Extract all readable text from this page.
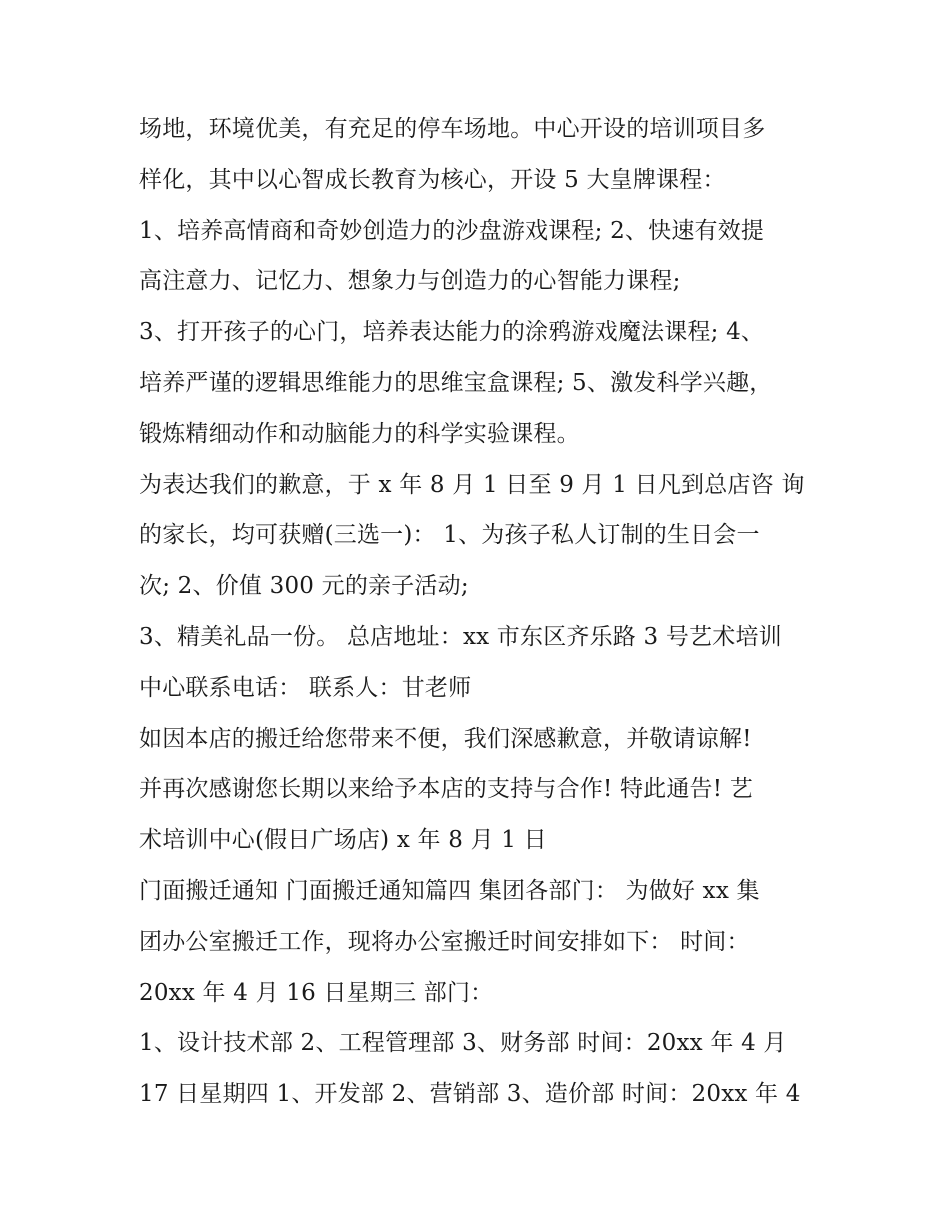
场地，环境优美，有充足的停车场地。中心开设的培训项目多
样化，其中以心智成长教育为核心，开设 5 大皇牌课程：
1、培养高情商和奇妙创造力的沙盘游戏课程; 2、快速有效提
高注意力、记忆力、想象力与创造力的心智能力课程;
3、打开孩子的心门，培养表达能力的涂鸦游戏魔法课程; 4、
培养严谨的逻辑思维能力的思维宝盒课程; 5、激发科学兴趣，
锻炼精细动作和动脑能力的科学实验课程。
为表达我们的歉意，于 x 年 8 月 1 日至 9 月 1 日凡到总店咨 询
的家长，均可获赠(三选一)： 1、为孩子私人订制的生日会一
次; 2、价值 300 元的亲子活动;
3、精美礼品一份。 总店地址：xx 市东区齐乐路 3 号艺术培训
中心联系电话： 联系人：甘老师
如因本店的搬迁给您带来不便，我们深感歉意，并敬请谅解!
并再次感谢您长期以来给予本店的支持与合作! 特此通告! 艺
术培训中心(假日广场店) x 年 8 月 1 日
门面搬迁通知 门面搬迁通知篇四 集团各部门： 为做好 xx 集
团办公室搬迁工作，现将办公室搬迁时间安排如下： 时间：
20xx 年 4 月 16 日星期三 部门：
1、设计技术部 2、工程管理部 3、财务部 时间：20xx 年 4 月
17 日星期四 1、开发部 2、营销部 3、造价部 时间：20xx 年 4
